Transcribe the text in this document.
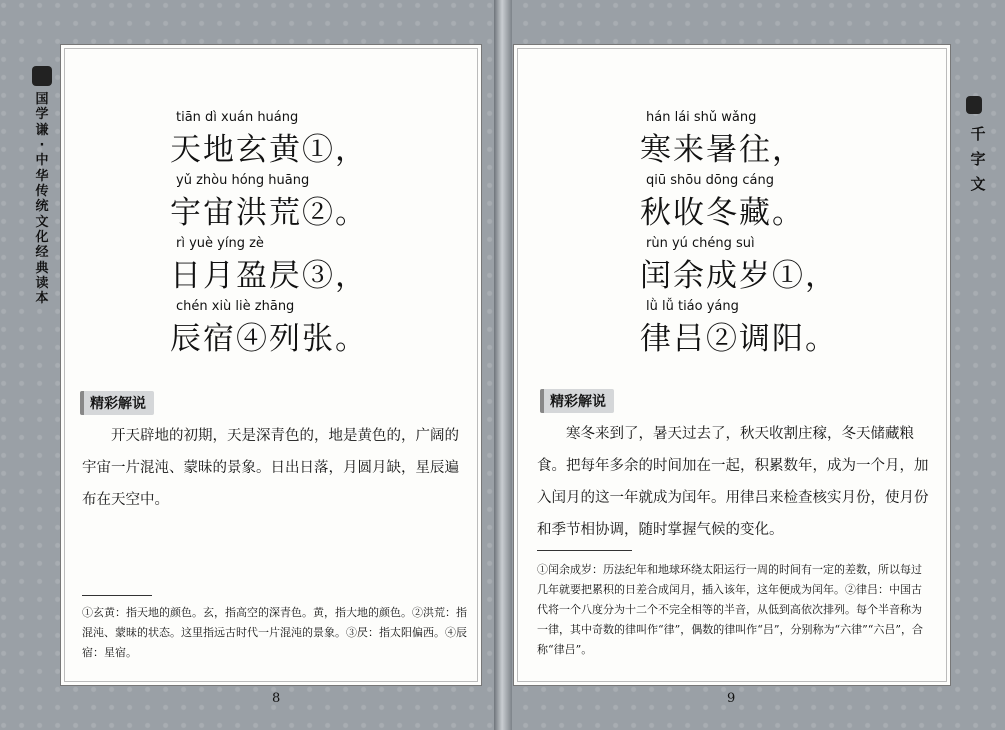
国
学
谦
·
中
华
传
统
文
化
经
典
读
本
tiān dì xuán huáng
天地玄黄①，
yǔ zhòu hóng huāng
宇宙洪荒②。
rì yuè yíng zè
日月盈昃③，
chén xiù liè zhāng
辰宿④列张。
精彩解说
开天辟地的初期，天是深青色的，地是黄色的，广阔的宇宙一片混沌、蒙昧的景象。日出日落，月圆月缺，星辰遍布在天空中。
①玄黄：指天地的颜色。玄，指高空的深青色。黄，指大地的颜色。②洪荒：指混沌、蒙昧的状态。这里指远古时代一片混沌的景象。③昃：指太阳偏西。④辰宿：星宿。
8
千
字
文
hán lái shǔ wǎng
寒来暑往，
qiū shōu dōng cáng
秋收冬藏。
rùn yú chéng suì
闰余成岁①，
lǜ lǚ tiáo yáng
律吕②调阳。
精彩解说
寒冬来到了，暑天过去了，秋天收割庄稼，冬天储藏粮食。把每年多余的时间加在一起，积累数年，成为一个月，加入闰月的这一年就成为闰年。用律吕来检查核实月份，使月份和季节相协调，随时掌握气候的变化。
①闰余成岁：历法纪年和地球环绕太阳运行一周的时间有一定的差数，所以每过几年就要把累积的日差合成闰月，插入该年，这年便成为闰年。②律吕：中国古代将一个八度分为十二个不完全相等的半音，从低到高依次排列。每个半音称为一律，其中奇数的律叫作“律”，偶数的律叫作“吕”，分别称为“六律”“六吕”，合称“律吕”。
9
